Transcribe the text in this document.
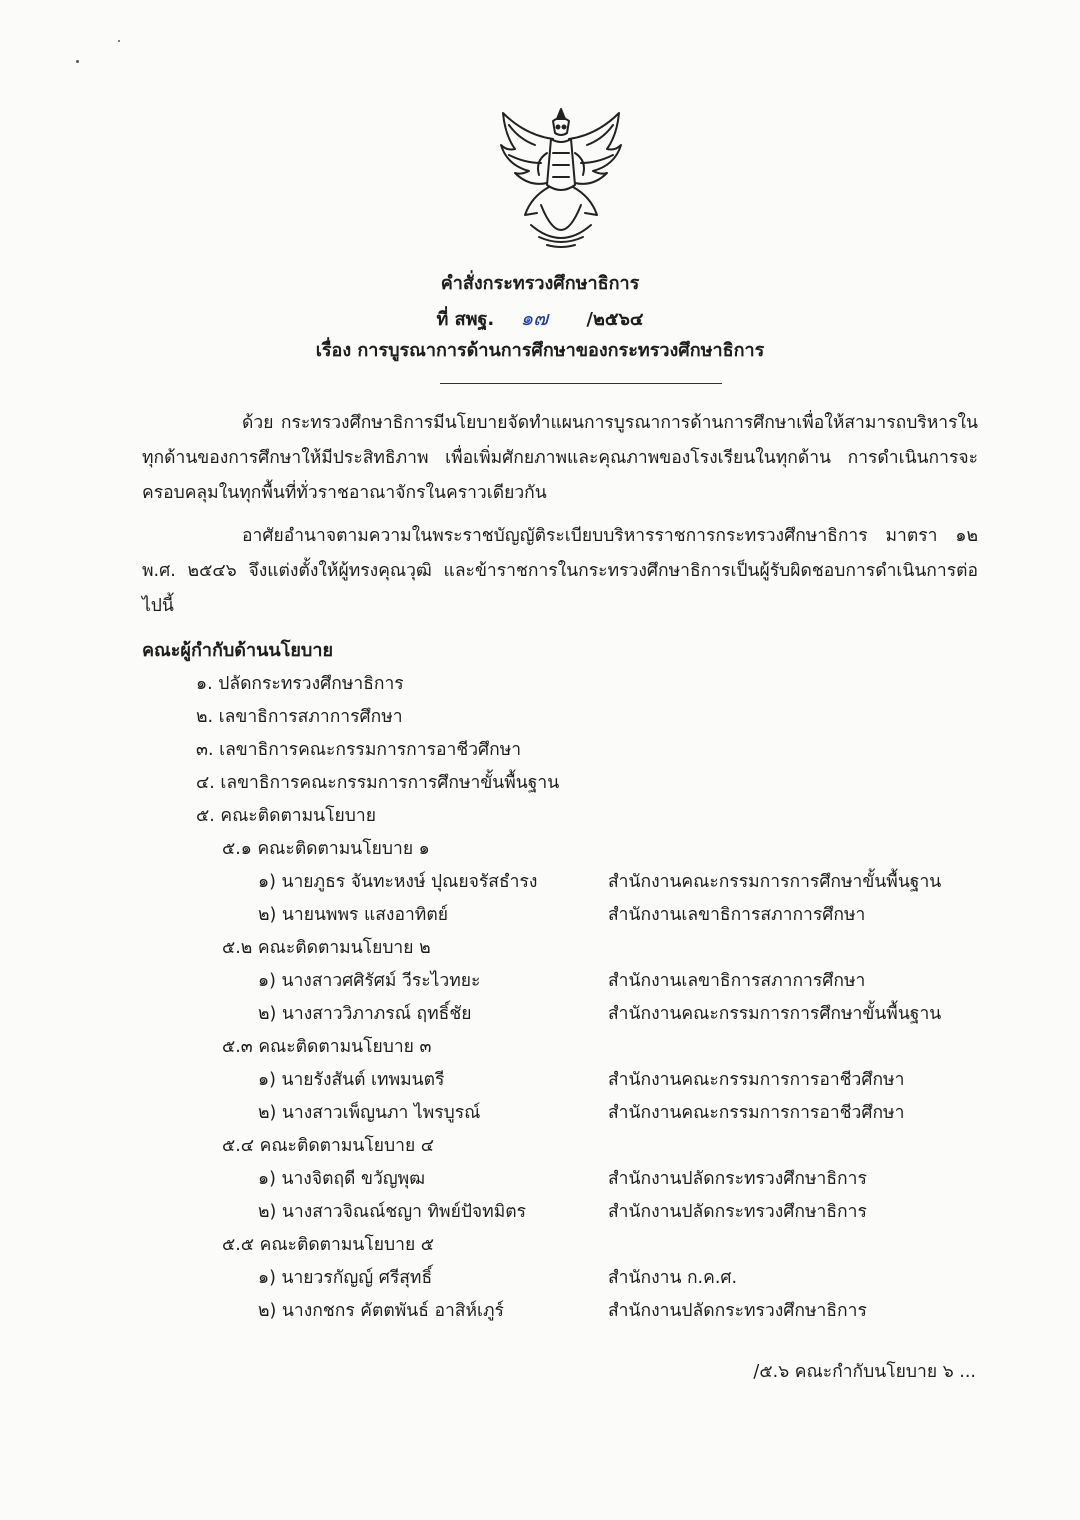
คำสั่งกระทรวงศึกษาธิการ
ที่ สพฐ. ๑๗ /๒๕๖๔
เรื่อง การบูรณาการด้านการศึกษาของกระทรวงศึกษาธิการ
ด้วย กระทรวงศึกษาธิการมีนโยบายจัดทำแผนการบูรณาการด้านการศึกษาเพื่อให้สามารถบริหารในทุกด้านของการศึกษาให้มีประสิทธิภาพ เพื่อเพิ่มศักยภาพและคุณภาพของโรงเรียนในทุกด้าน การดำเนินการจะครอบคลุมในทุกพื้นที่ทั่วราชอาณาจักรในคราวเดียวกัน
อาศัยอำนาจตามความในพระราชบัญญัติระเบียบบริหารราชการกระทรวงศึกษาธิการ มาตรา ๑๒ พ.ศ. ๒๕๔๖ จึงแต่งตั้งให้ผู้ทรงคุณวุฒิ และข้าราชการในกระทรวงศึกษาธิการเป็นผู้รับผิดชอบการดำเนินการต่อไปนี้
คณะผู้กำกับด้านนโยบาย
๑. ปลัดกระทรวงศึกษาธิการ
๒. เลขาธิการสภาการศึกษา
๓. เลขาธิการคณะกรรมการการอาชีวศึกษา
๔. เลขาธิการคณะกรรมการการศึกษาขั้นพื้นฐาน
๕. คณะติดตามนโยบาย
๕.๑ คณะติดตามนโยบาย ๑
๑) นายภูธร จันทะหงษ์ ปุณยจรัสธำรง	สำนักงานคณะกรรมการการศึกษาขั้นพื้นฐาน
๒) นายนพพร แสงอาทิตย์	สำนักงานเลขาธิการสภาการศึกษา
๕.๒ คณะติดตามนโยบาย ๒
๑) นางสาวศศิรัศม์ วีระไวทยะ	สำนักงานเลขาธิการสภาการศึกษา
๒) นางสาววิภาภรณ์ ฤทธิ์ชัย	สำนักงานคณะกรรมการการศึกษาขั้นพื้นฐาน
๕.๓ คณะติดตามนโยบาย ๓
๑) นายรังสันต์ เทพมนตรี	สำนักงานคณะกรรมการการอาชีวศึกษา
๒) นางสาวเพ็ญนภา ไพรบูรณ์	สำนักงานคณะกรรมการการอาชีวศึกษา
๕.๔ คณะติดตามนโยบาย ๔
๑) นางจิตฤดี ขวัญพุฒ	สำนักงานปลัดกระทรวงศึกษาธิการ
๒) นางสาวจิณณ์ชญา ทิพย์ปัจทมิตร	สำนักงานปลัดกระทรวงศึกษาธิการ
๕.๕ คณะติดตามนโยบาย ๕
๑) นายวรกัญญ์ ศรีสุทธิ์	สำนักงาน ก.ค.ศ.
๒) นางกชกร คัตตพันธ์ อาสิห์เภูร์	สำนักงานปลัดกระทรวงศึกษาธิการ
/๕.๖ คณะกำกับนโยบาย ๖ ...
